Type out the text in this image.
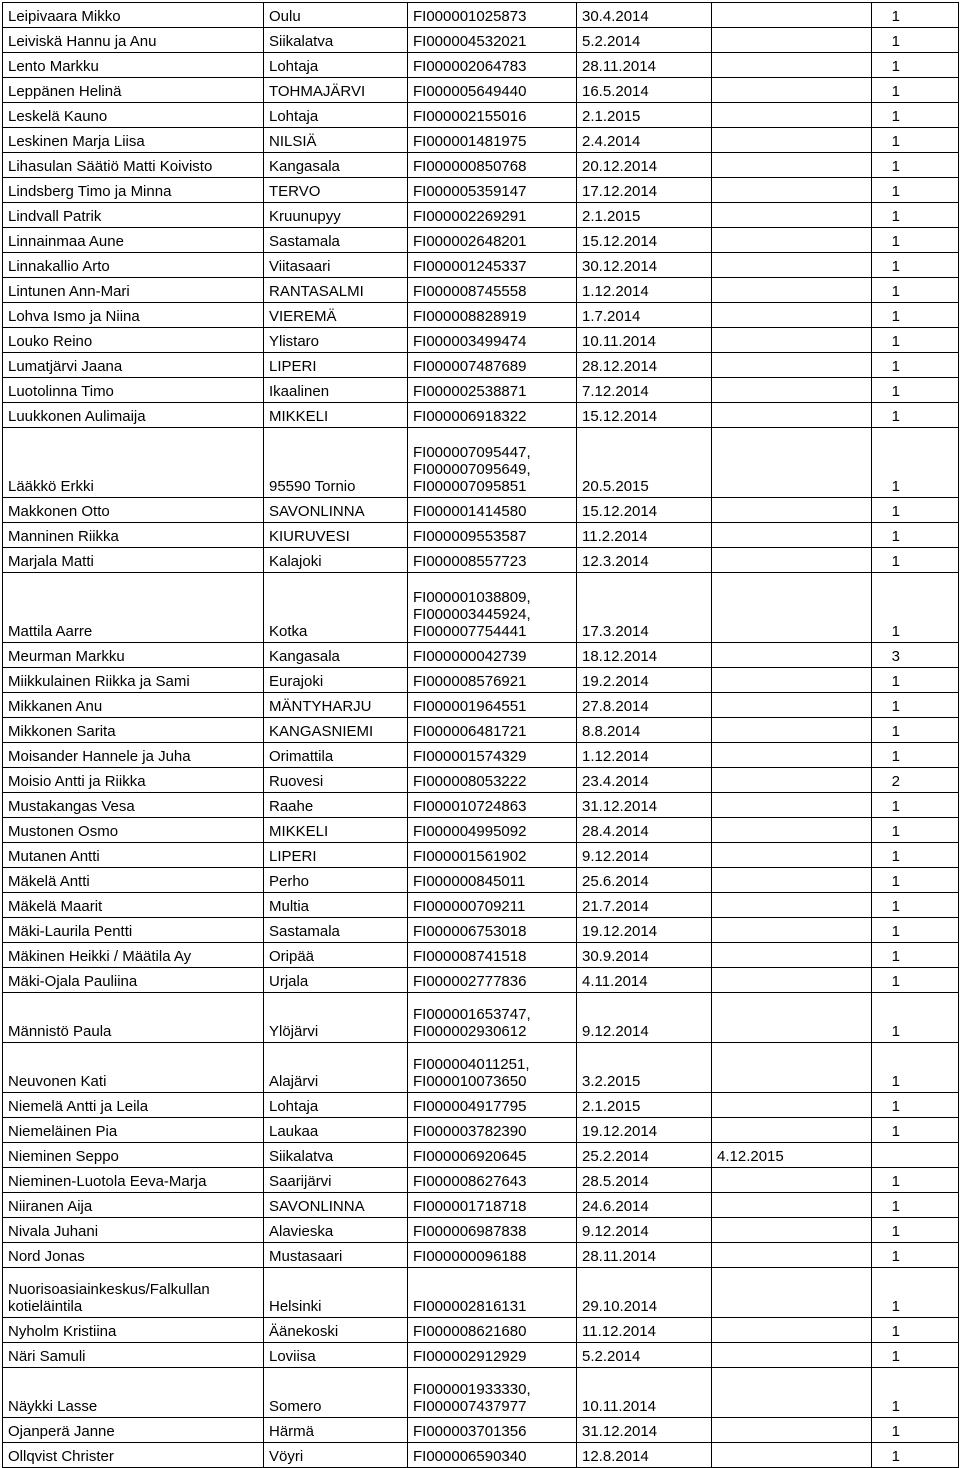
Leipivaara Mikko	Oulu	FI000001025873	30.4.2014		1
Leiviskä Hannu ja Anu	Siikalatva	FI000004532021	5.2.2014		1
Lento Markku	Lohtaja	FI000002064783	28.11.2014		1
Leppänen Helinä	TOHMAJÄRVI	FI000005649440	16.5.2014		1
Leskelä Kauno	Lohtaja	FI000002155016	2.1.2015		1
Leskinen Marja Liisa	NILSIÄ	FI000001481975	2.4.2014		1
Lihasulan Säätiö Matti Koivisto	Kangasala	FI000000850768	20.12.2014		1
Lindsberg Timo ja Minna	TERVO	FI000005359147	17.12.2014		1
Lindvall Patrik	Kruunupyy	FI000002269291	2.1.2015		1
Linnainmaa Aune	Sastamala	FI000002648201	15.12.2014		1
Linnakallio Arto	Viitasaari	FI000001245337	30.12.2014		1
Lintunen Ann-Mari	RANTASALMI	FI000008745558	1.12.2014		1
Lohva Ismo ja Niina	VIEREMÄ	FI000008828919	1.7.2014		1
Louko Reino	Ylistaro	FI000003499474	10.11.2014		1
Lumatjärvi Jaana	LIPERI	FI000007487689	28.12.2014		1
Luotolinna Timo	Ikaalinen	FI000002538871	7.12.2014		1
Luukkonen Aulimaija	MIKKELI	FI000006918322	15.12.2014		1
Lääkkö Erkki	95590 Tornio	FI000007095447,
FI000007095649,
FI000007095851	20.5.2015		1
Makkonen Otto	SAVONLINNA	FI000001414580	15.12.2014		1
Manninen Riikka	KIURUVESI	FI000009553587	11.2.2014		1
Marjala Matti	Kalajoki	FI000008557723	12.3.2014		1
Mattila Aarre	Kotka	FI000001038809,
FI000003445924,
FI000007754441	17.3.2014		1
Meurman Markku	Kangasala	FI000000042739	18.12.2014		3
Miikkulainen Riikka ja Sami	Eurajoki	FI000008576921	19.2.2014		1
Mikkanen Anu	MÄNTYHARJU	FI000001964551	27.8.2014		1
Mikkonen Sarita	KANGASNIEMI	FI000006481721	8.8.2014		1
Moisander Hannele ja Juha	Orimattila	FI000001574329	1.12.2014		1
Moisio Antti ja Riikka	Ruovesi	FI000008053222	23.4.2014		2
Mustakangas Vesa	Raahe	FI000010724863	31.12.2014		1
Mustonen Osmo	MIKKELI	FI000004995092	28.4.2014		1
Mutanen Antti	LIPERI	FI000001561902	9.12.2014		1
Mäkelä Antti	Perho	FI000000845011	25.6.2014		1
Mäkelä Maarit	Multia	FI000000709211	21.7.2014		1
Mäki-Laurila Pentti	Sastamala	FI000006753018	19.12.2014		1
Mäkinen Heikki / Määtila Ay	Oripää	FI000008741518	30.9.2014		1
Mäki-Ojala Pauliina	Urjala	FI000002777836	4.11.2014		1
Männistö Paula	Ylöjärvi	FI000001653747,
FI000002930612	9.12.2014		1
Neuvonen Kati	Alajärvi	FI000004011251,
FI000010073650	3.2.2015		1
Niemelä Antti ja Leila	Lohtaja	FI000004917795	2.1.2015		1
Niemeläinen Pia	Laukaa	FI000003782390	19.12.2014		1
Nieminen Seppo	Siikalatva	FI000006920645	25.2.2014	4.12.2015	
Nieminen-Luotola Eeva-Marja	Saarijärvi	FI000008627643	28.5.2014		1
Niiranen Aija	SAVONLINNA	FI000001718718	24.6.2014		1
Nivala Juhani	Alavieska	FI000006987838	9.12.2014		1
Nord Jonas	Mustasaari	FI000000096188	28.11.2014		1
Nuorisoasiainkeskus/Falkullan
kotieläintila	Helsinki	FI000002816131	29.10.2014		1
Nyholm Kristiina	Äänekoski	FI000008621680	11.12.2014		1
Näri Samuli	Loviisa	FI000002912929	5.2.2014		1
Näykki Lasse	Somero	FI000001933330,
FI000007437977	10.11.2014		1
Ojanperä Janne	Härmä	FI000003701356	31.12.2014		1
Ollqvist Christer	Vöyri	FI000006590340	12.8.2014		1
